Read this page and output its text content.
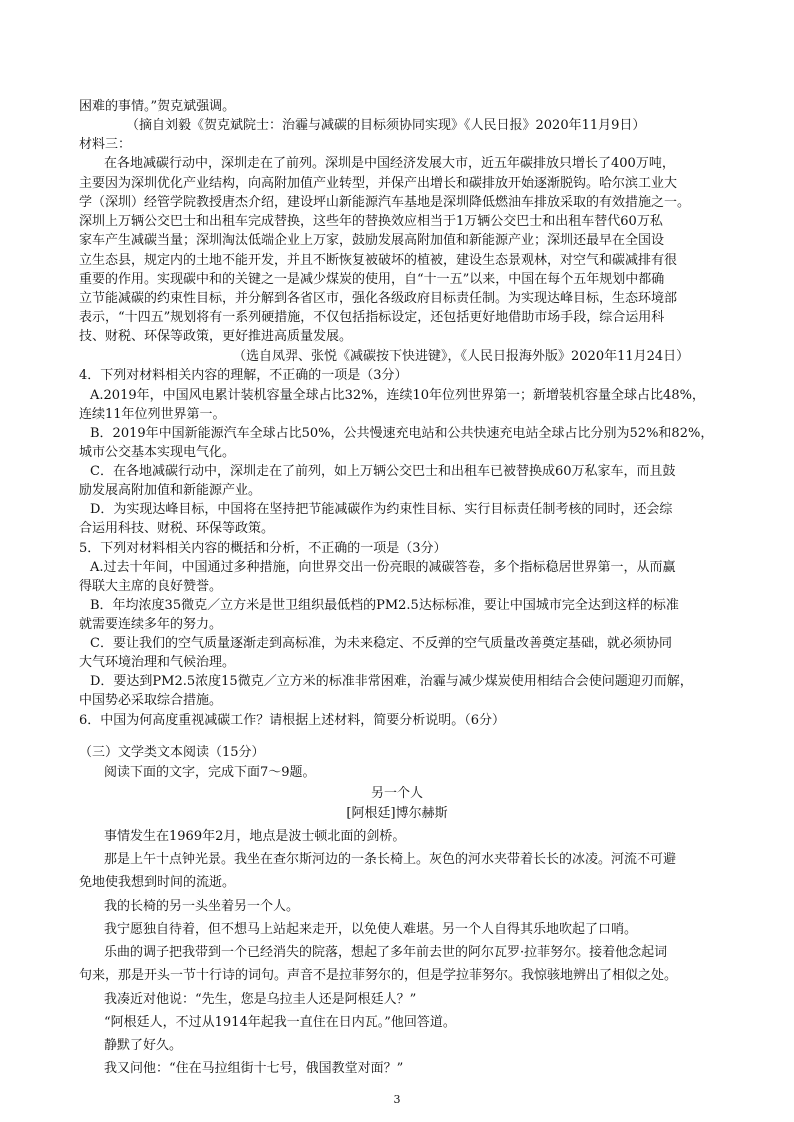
困难的事情。”贺克斌强调。
（摘自刘毅《贺克斌院士：治霾与减碳的目标须协同实现》《人民日报》2020年11月9日）
材料三：
在各地减碳行动中，深圳走在了前列。深圳是中国经济发展大市，近五年碳排放只增长了400万吨，
主要因为深圳优化产业结构，向高附加值产业转型，并保产出增长和碳排放开始逐渐脱钩。哈尔滨工业大
学（深圳）经管学院教授唐杰介绍，建设坪山新能源汽车基地是深圳降低燃油车排放采取的有效措施之一。
深圳上万辆公交巴士和出租车完成替换，这些年的替换效应相当于1万辆公交巴士和出租车替代60万私
家车产生减碳当量；深圳淘汰低端企业上万家，鼓励发展高附加值和新能源产业；深圳还最早在全国设
立生态县，规定内的土地不能开发，并且不断恢复被破坏的植被，建设生态景观林，对空气和碳减排有很
重要的作用。实现碳中和的关键之一是减少煤炭的使用，自“十一五”以来，中国在每个五年规划中都确
立节能减碳的约束性目标，并分解到各省区市，强化各级政府目标责任制。为实现达峰目标，生态环境部
表示，“十四五”规划将有一系列硬措施，不仅包括指标设定，还包括更好地借助市场手段，综合运用科
技、财税、环保等政策，更好推进高质量发展。
（选自凤羿、张悦《减碳按下快进键》，《人民日报海外版》2020年11月24日）
4．下列对材料相关内容的理解，不正确的一项是（3分）
A.2019年，中国风电累计装机容量全球占比32%，连续10年位列世界第一；新增装机容量全球占比48%，
连续11年位列世界第一。
B．2019年中国新能源汽车全球占比50%，公共慢速充电站和公共快速充电站全球占比分别为52%和82%，
城市公交基本实现电气化。
C．在各地减碳行动中，深圳走在了前列，如上万辆公交巴士和出租车已被替换成60万私家车，而且鼓
励发展高附加值和新能源产业。
D．为实现达峰目标，中国将在坚持把节能减碳作为约束性目标、实行目标责任制考核的同时，还会综
合运用科技、财税、环保等政策。
5．下列对材料相关内容的概括和分析，不正确的一项是（3分）
A.过去十年间，中国通过多种措施，向世界交出一份亮眼的减碳答卷，多个指标稳居世界第一，从而赢
得联大主席的良好赞誉。
B．年均浓度35微克／立方米是世卫组织最低档的PM2.5达标标准，要让中国城市完全达到这样的标准
就需要连续多年的努力。
C．要让我们的空气质量逐渐走到高标准，为未来稳定、不反弹的空气质量改善奠定基础，就必须协同
大气环境治理和气候治理。
D．要达到PM2.5浓度15微克／立方米的标准非常困难，治霾与减少煤炭使用相结合会使问题迎刃而解，
中国势必采取综合措施。
6．中国为何高度重视减碳工作？请根据上述材料，简要分析说明。（6分）
（三）文学类文本阅读（15分）
阅读下面的文字，完成下面7～9题。
另一个人
[阿根廷]博尔赫斯
事情发生在1969年2月，地点是波士顿北面的剑桥。
那是上午十点钟光景。我坐在查尔斯河边的一条长椅上。灰色的河水夹带着长长的冰凌。河流不可避
免地使我想到时间的流逝。
我的长椅的另一头坐着另一个人。
我宁愿独自待着，但不想马上站起来走开，以免使人难堪。另一个人自得其乐地吹起了口哨。
乐曲的调子把我带到一个已经消失的院落，想起了多年前去世的阿尔瓦罗·拉菲努尔。接着他念起词
句来，那是开头一节十行诗的词句。声音不是拉菲努尔的，但是学拉菲努尔。我惊骇地辨出了相似之处。
我凑近对他说：“先生，您是乌拉圭人还是阿根廷人？”
“阿根廷人，不过从1914年起我一直住在日内瓦。”他回答道。
静默了好久。
我又问他：“住在马拉组街十七号，俄国教堂对面？”
3
